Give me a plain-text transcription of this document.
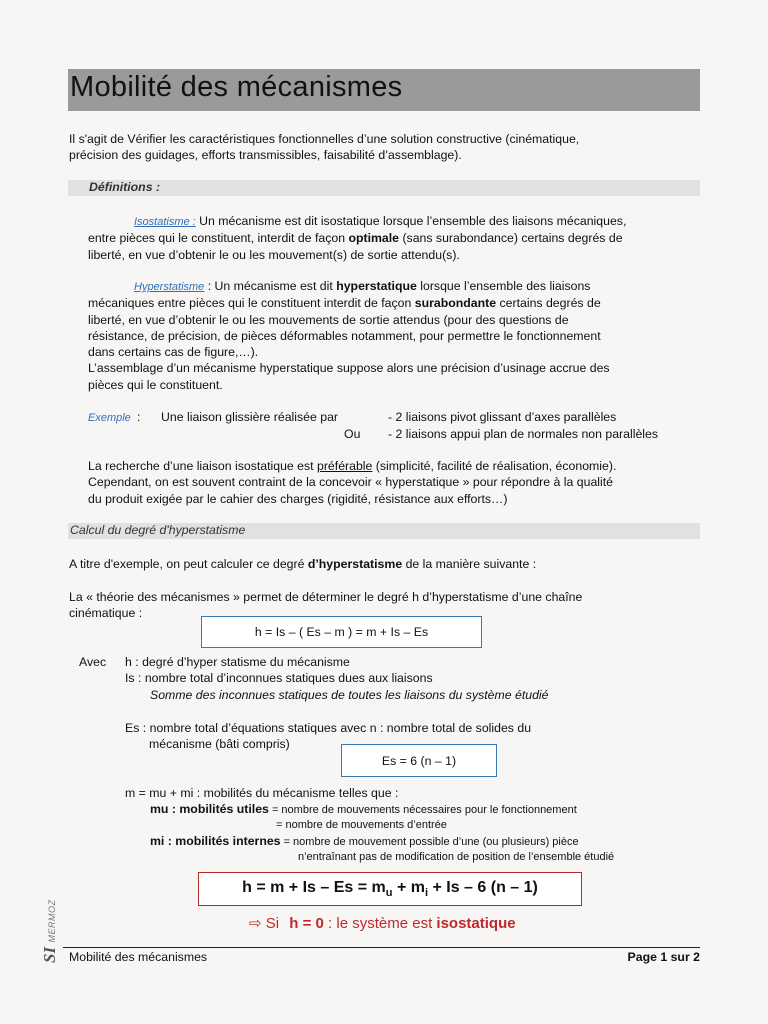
Mobilité des mécanismes
Il s'agit de Vérifier les caractéristiques fonctionnelles d’une solution constructive (cinématique,
précision des guidages, efforts transmissibles, faisabilité d’assemblage).
Définitions :
Isostatisme : Un mécanisme est dit isostatique lorsque l’ensemble des liaisons mécaniques,
entre pièces qui le constituent, interdit de façon optimale (sans surabondance) certains degrés de
liberté, en vue d’obtenir le ou les mouvement(s) de sortie attendu(s).
Hyperstatisme : Un mécanisme est dit hyperstatique lorsque l’ensemble des liaisons
mécaniques entre pièces qui le constituent interdit de façon surabondante certains degrés de
liberté, en vue d’obtenir le ou les mouvements de sortie attendus (pour des questions de
résistance, de précision, de pièces déformables notamment, pour permettre le fonctionnement
dans certains cas de figure,…).
L’assemblage d’un mécanisme hyperstatique suppose alors une précision d’usinage accrue des
pièces qui le constituent.
Exemple : Une liaison glissière réalisée par	- 2 liaisons pivot glissant d’axes parallèles
Ou - 2 liaisons appui plan de normales non parallèles
La recherche d’une liaison isostatique est préférable (simplicité, facilité de réalisation, économie).
Cependant, on est souvent contraint de la concevoir « hyperstatique » pour répondre à la qualité
du produit exigée par le cahier des charges (rigidité, résistance aux efforts…)
Calcul du degré d'hyperstatisme
A titre d'exemple, on peut calculer ce degré d’hyperstatisme de la manière suivante :
La « théorie des mécanismes » permet de déterminer le degré h d’hyperstatisme d’une chaîne
cinématique :
h = Is – ( Es – m ) = m + Is – Es
Avec h : degré d’hyper statisme du mécanisme
Is : nombre total d’inconnues statiques dues aux liaisons
Somme des inconnues statiques de toutes les liaisons du système étudié
Es : nombre total d’équations statiques avec n : nombre total de solides du
mécanisme (bâti compris)
Es = 6 (n – 1)
m = mu + mi : mobilités du mécanisme telles que :
mu : mobilités utiles = nombre de mouvements nécessaires pour le fonctionnement
= nombre de mouvements d’entrée
mi : mobilités internes = nombre de mouvement possible d’une (ou plusieurs) pièce
n’entraînant pas de modification de position de l’ensemble étudié
$h = m + Is - Es = m_u + m_i + Is - 6$ (n – 1)
⇨ Si h = 0 : le système est isostatique
SI MERMOZ
Mobilité des mécanismes	Page 1 sur 2
